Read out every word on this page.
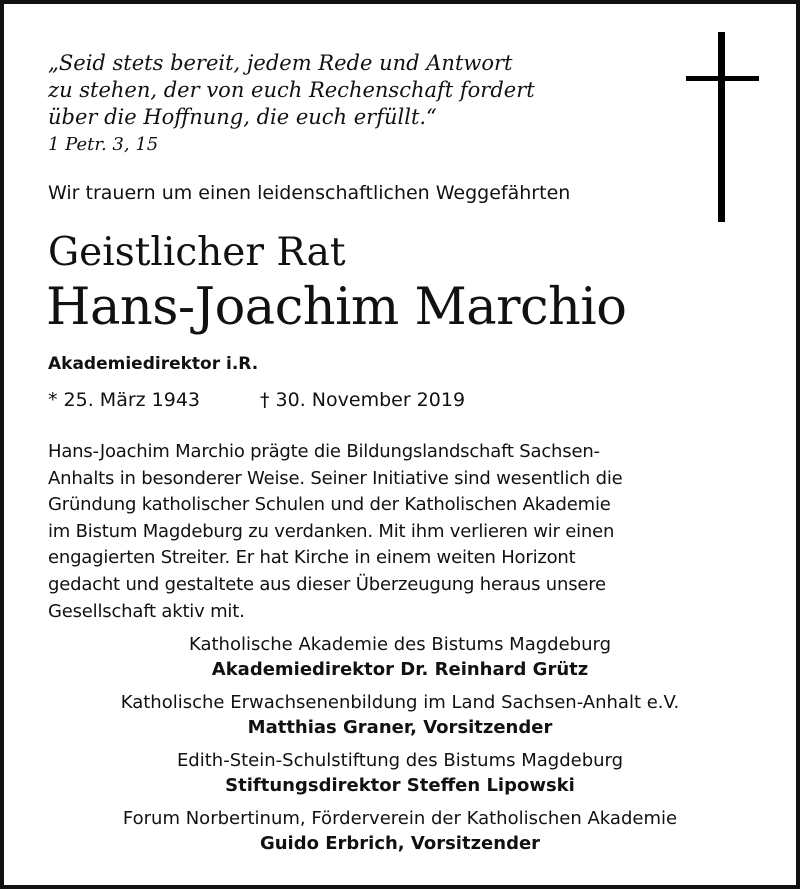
„Seid stets bereit, jedem Rede und Antwort
zu stehen, der von euch Rechenschaft fordert
über die Hoffnung, die euch erfüllt.“
1 Petr. 3, 15
Wir trauern um einen leidenschaftlichen Weggefährten
Geistlicher Rat
Hans-Joachim Marchio
Akademiedirektor i.R.
* 25. März 1943	† 30. November 2019
Hans-Joachim Marchio prägte die Bildungslandschaft Sachsen-
Anhalts in besonderer Weise. Seiner Initiative sind wesentlich die
Gründung katholischer Schulen und der Katholischen Akademie
im Bistum Magdeburg zu verdanken. Mit ihm verlieren wir einen
engagierten Streiter. Er hat Kirche in einem weiten Horizont
gedacht und gestaltete aus dieser Überzeugung heraus unsere
Gesellschaft aktiv mit.
Katholische Akademie des Bistums Magdeburg
Akademiedirektor Dr. Reinhard Grütz
Katholische Erwachsenenbildung im Land Sachsen-Anhalt e.V.
Matthias Graner, Vorsitzender
Edith-Stein-Schulstiftung des Bistums Magdeburg
Stiftungsdirektor Steffen Lipowski
Forum Norbertinum, Förderverein der Katholischen Akademie
Guido Erbrich, Vorsitzender
